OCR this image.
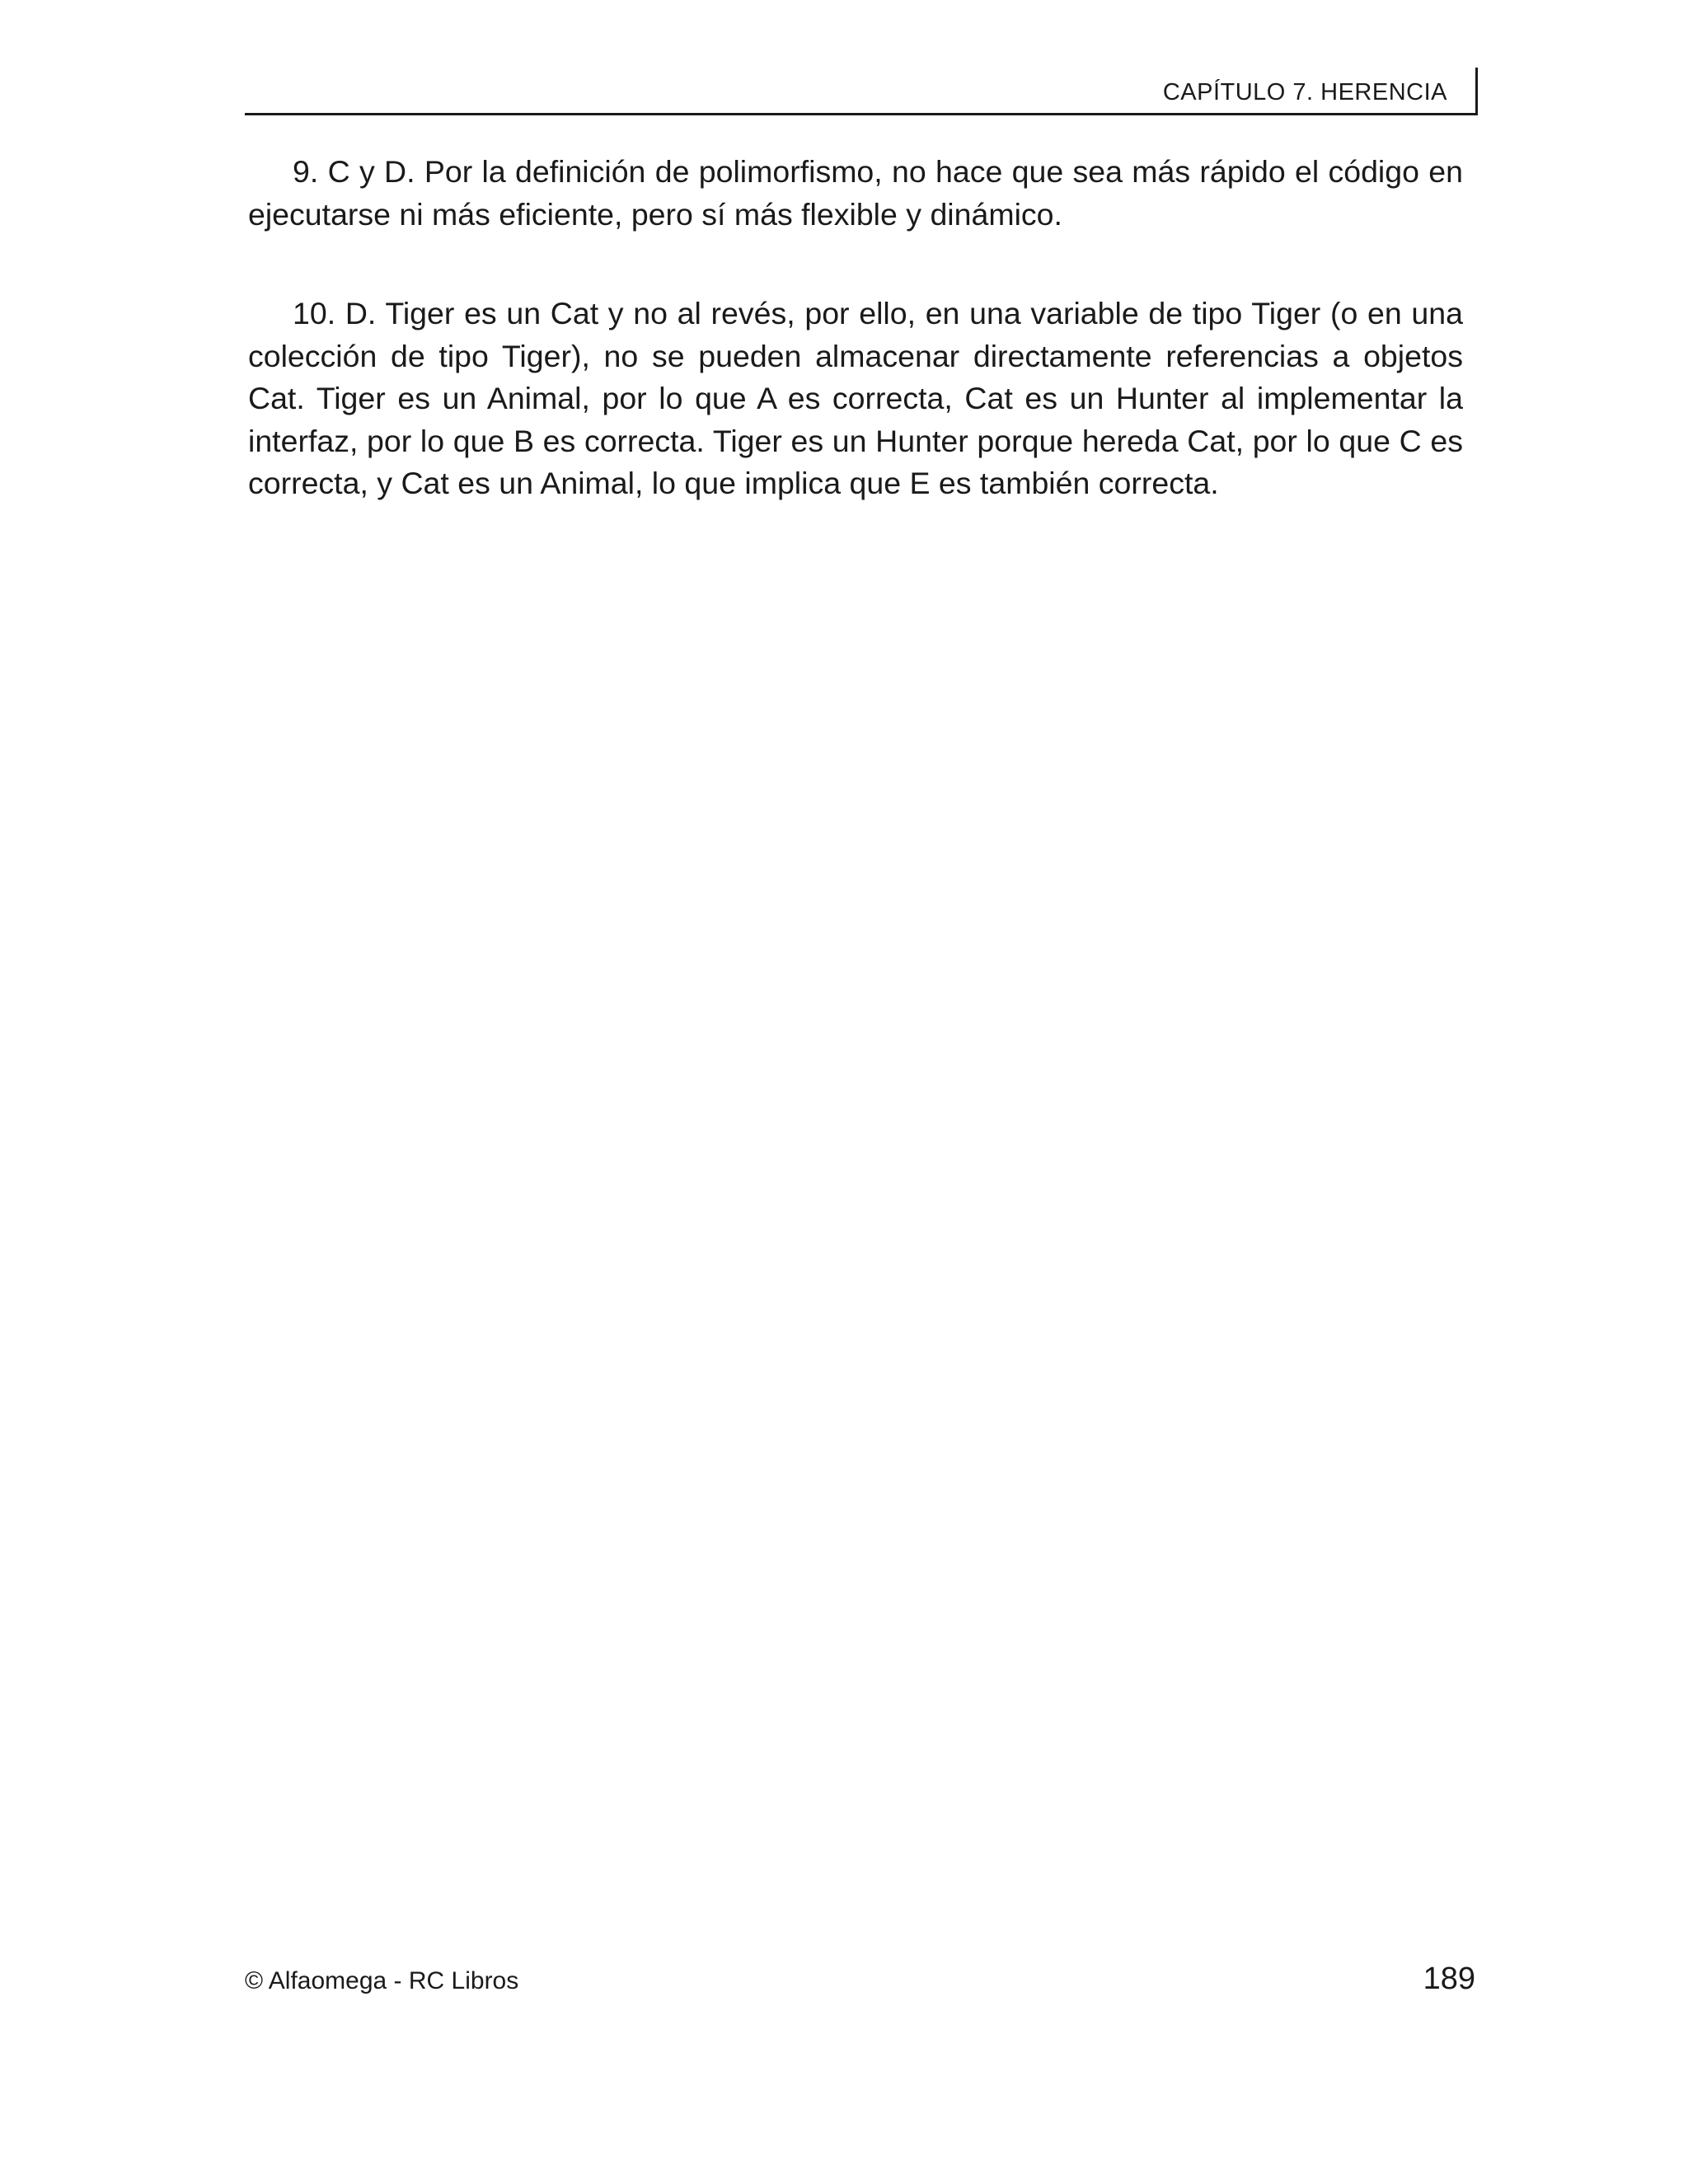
CAPÍTULO 7. HERENCIA

9. C y D. Por la definición de polimorfismo, no hace que sea más rápido el código en ejecutarse ni más eficiente, pero sí más flexible y dinámico.

10. D. Tiger es un Cat y no al revés, por ello, en una variable de tipo Tiger (o en una colección de tipo Tiger), no se pueden almacenar directamente referencias a objetos Cat. Tiger es un Animal, por lo que A es correcta, Cat es un Hunter al implementar la interfaz, por lo que B es correcta. Tiger es un Hunter porque hereda Cat, por lo que C es correcta, y Cat es un Animal, lo que implica que E es también correcta.

© Alfaomega - RC Libros	189
